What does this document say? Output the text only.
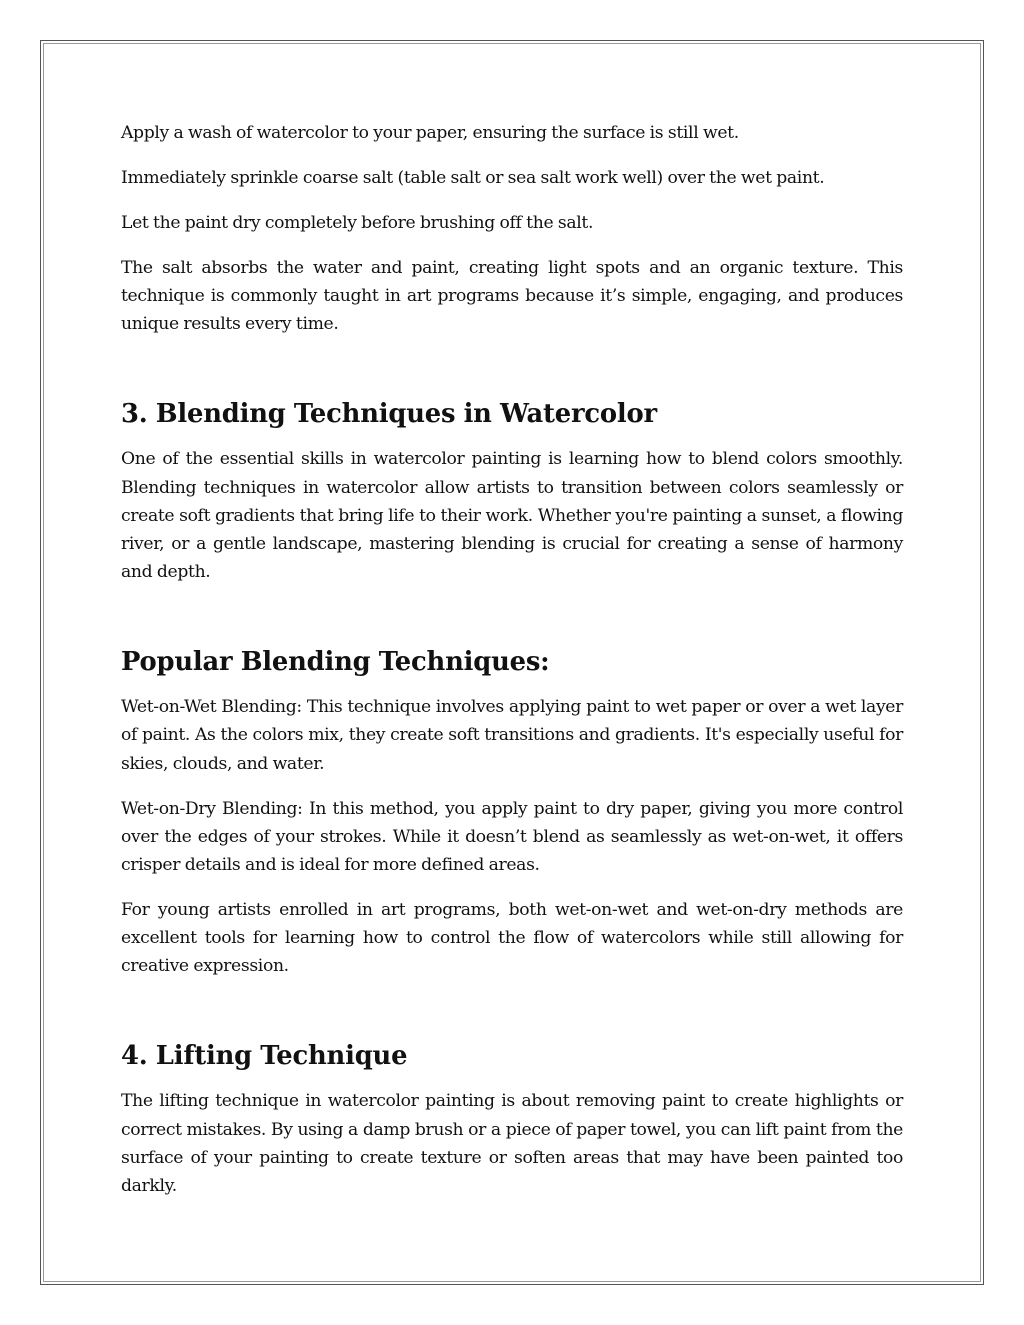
Apply a wash of watercolor to your paper, ensuring the surface is still wet.

Immediately sprinkle coarse salt (table salt or sea salt work well) over the wet paint.

Let the paint dry completely before brushing off the salt.

The salt absorbs the water and paint, creating light spots and an organic texture. This technique is commonly taught in art programs because it’s simple, engaging, and produces unique results every time.

3. Blending Techniques in Watercolor

One of the essential skills in watercolor painting is learning how to blend colors smoothly. Blending techniques in watercolor allow artists to transition between colors seamlessly or create soft gradients that bring life to their work. Whether you're painting a sunset, a flowing river, or a gentle landscape, mastering blending is crucial for creating a sense of harmony and depth.

Popular Blending Techniques:

Wet-on-Wet Blending: This technique involves applying paint to wet paper or over a wet layer of paint. As the colors mix, they create soft transitions and gradients. It's especially useful for skies, clouds, and water.

Wet-on-Dry Blending: In this method, you apply paint to dry paper, giving you more control over the edges of your strokes. While it doesn’t blend as seamlessly as wet-on-wet, it offers crisper details and is ideal for more defined areas.

For young artists enrolled in art programs, both wet-on-wet and wet-on-dry methods are excellent tools for learning how to control the flow of watercolors while still allowing for creative expression.

4. Lifting Technique

The lifting technique in watercolor painting is about removing paint to create highlights or correct mistakes. By using a damp brush or a piece of paper towel, you can lift paint from the surface of your painting to create texture or soften areas that may have been painted too darkly.
